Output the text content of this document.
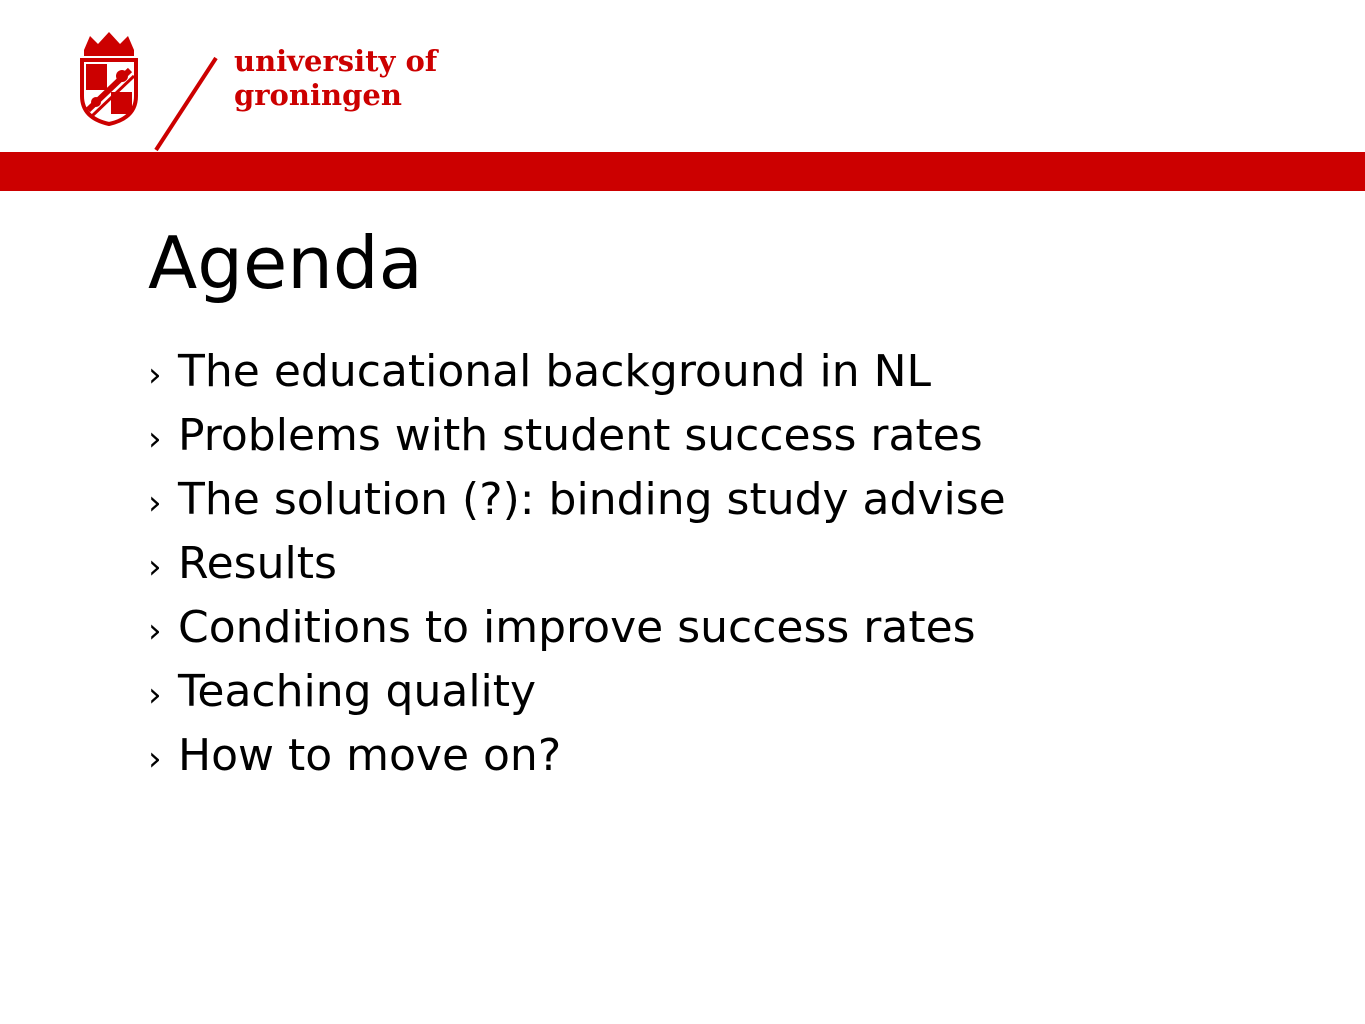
university of
groningen
Agenda
› The educational background in NL
› Problems with student success rates
› The solution (?): binding study advise
› Results
› Conditions to improve success rates
› Teaching quality
› How to move on?
